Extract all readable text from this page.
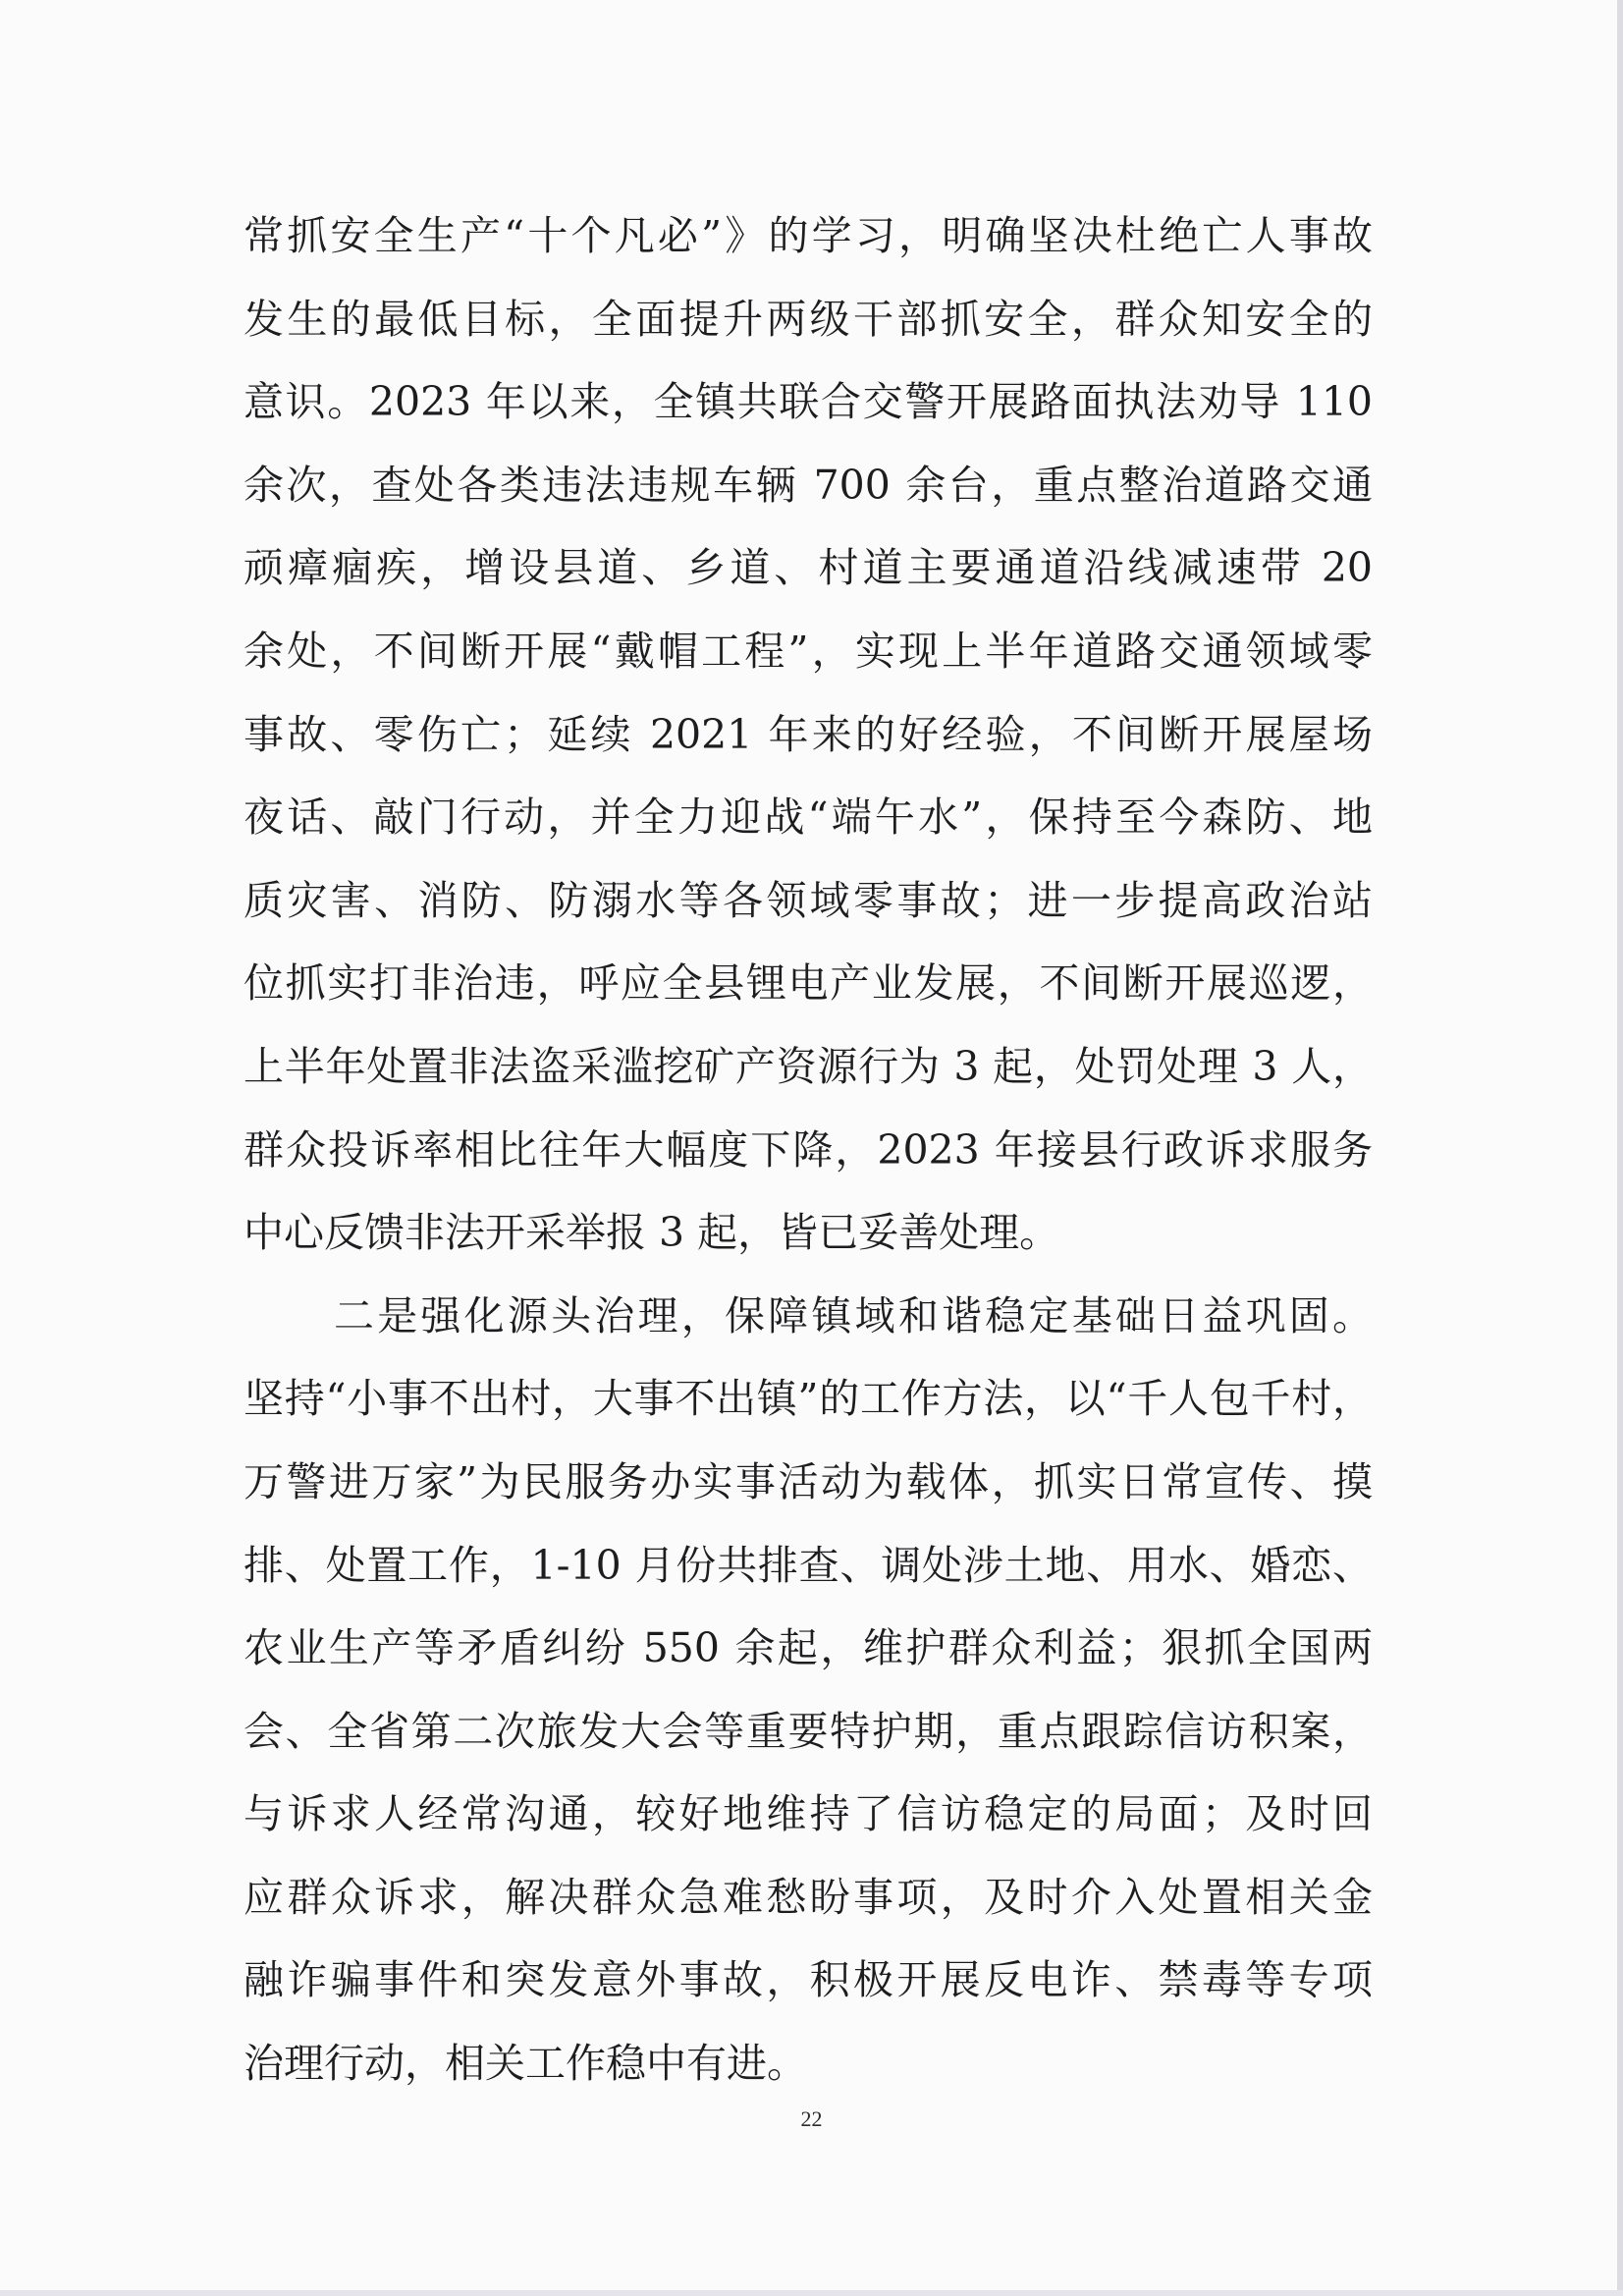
常抓安全生产“十个凡必”》的学习，明确坚决杜绝亡人事故
发生的最低目标，全面提升两级干部抓安全，群众知安全的
意识。2023 年以来，全镇共联合交警开展路面执法劝导 110
余次，查处各类违法违规车辆 700 余台，重点整治道路交通
顽瘴痼疾，增设县道、乡道、村道主要通道沿线减速带 20
余处，不间断开展“戴帽工程”，实现上半年道路交通领域零
事故、零伤亡；延续 2021 年来的好经验，不间断开展屋场
夜话、敲门行动，并全力迎战“端午水”，保持至今森防、地
质灾害、消防、防溺水等各领域零事故；进一步提高政治站
位抓实打非治违，呼应全县锂电产业发展，不间断开展巡逻，
上半年处置非法盗采滥挖矿产资源行为 3 起，处罚处理 3 人，
群众投诉率相比往年大幅度下降，2023 年接县行政诉求服务
中心反馈非法开采举报 3 起，皆已妥善处理。
二是强化源头治理，保障镇域和谐稳定基础日益巩固。
坚持“小事不出村，大事不出镇”的工作方法，以“千人包千村，
万警进万家”为民服务办实事活动为载体，抓实日常宣传、摸
排、处置工作，1-10 月份共排查、调处涉土地、用水、婚恋、
农业生产等矛盾纠纷 550 余起，维护群众利益；狠抓全国两
会、全省第二次旅发大会等重要特护期，重点跟踪信访积案，
与诉求人经常沟通，较好地维持了信访稳定的局面；及时回
应群众诉求，解决群众急难愁盼事项，及时介入处置相关金
融诈骗事件和突发意外事故，积极开展反电诈、禁毒等专项
治理行动，相关工作稳中有进。
22
